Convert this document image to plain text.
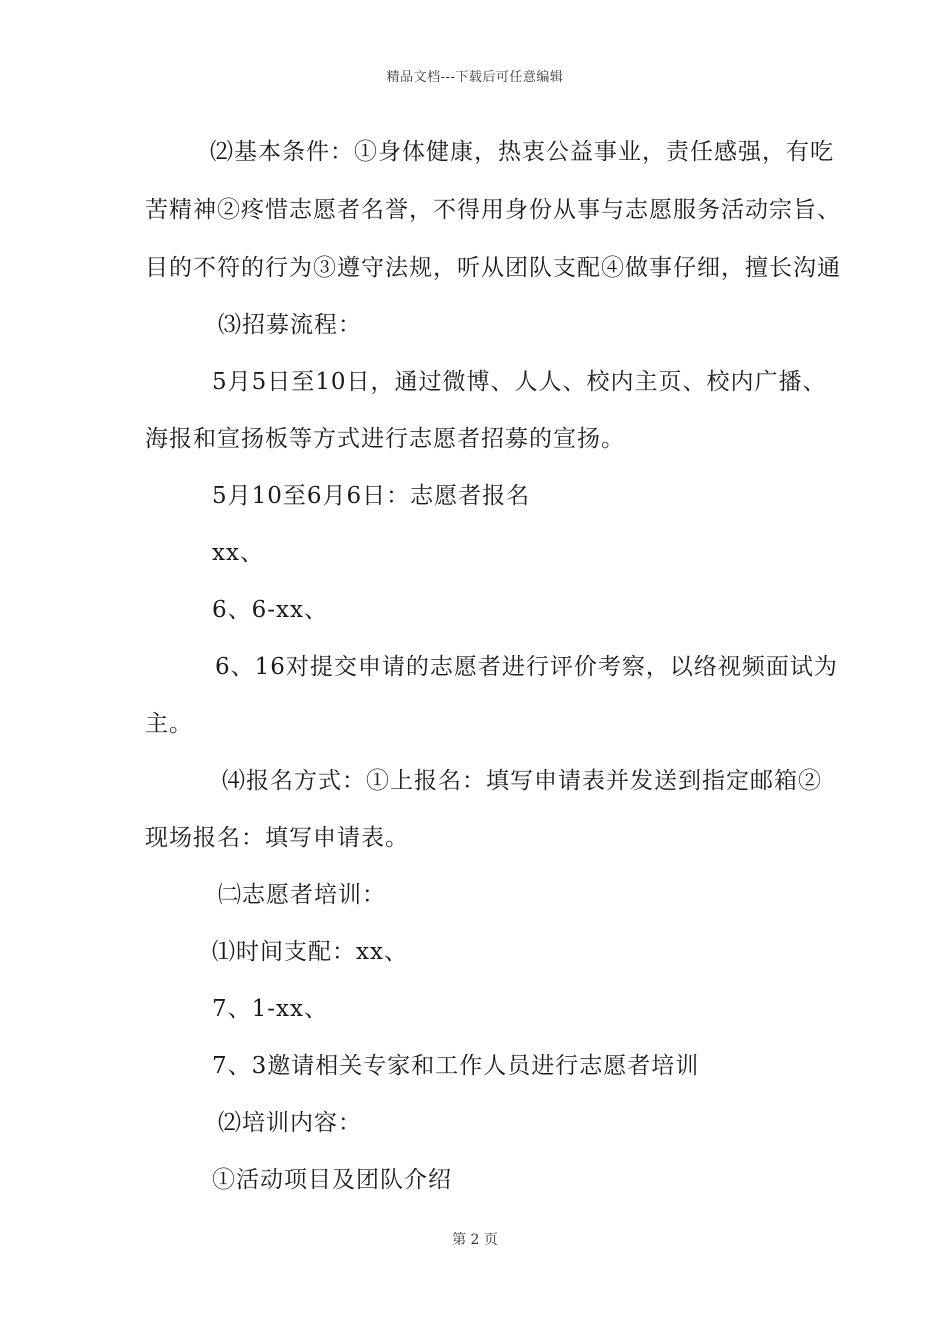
精品文档---下载后可任意编辑
⑵基本条件：①身体健康，热衷公益事业，责任感强，有吃
苦精神②疼惜志愿者名誉，不得用身份从事与志愿服务活动宗旨、
目的不符的行为③遵守法规，听从团队支配④做事仔细，擅长沟通
⑶招募流程：
5月5日至10日，通过微博、人人、校内主页、校内广播、
海报和宣扬板等方式进行志愿者招募的宣扬。
5月10至6月6日：志愿者报名
xx、
6、6-xx、
6、16对提交申请的志愿者进行评价考察，以络视频面试为
主。
⑷报名方式：①上报名：填写申请表并发送到指定邮箱②
现场报名：填写申请表。
㈡志愿者培训：
⑴时间支配：xx、
7、1-xx、
7、3邀请相关专家和工作人员进行志愿者培训
⑵培训内容：
①活动项目及团队介绍
第 2 页
